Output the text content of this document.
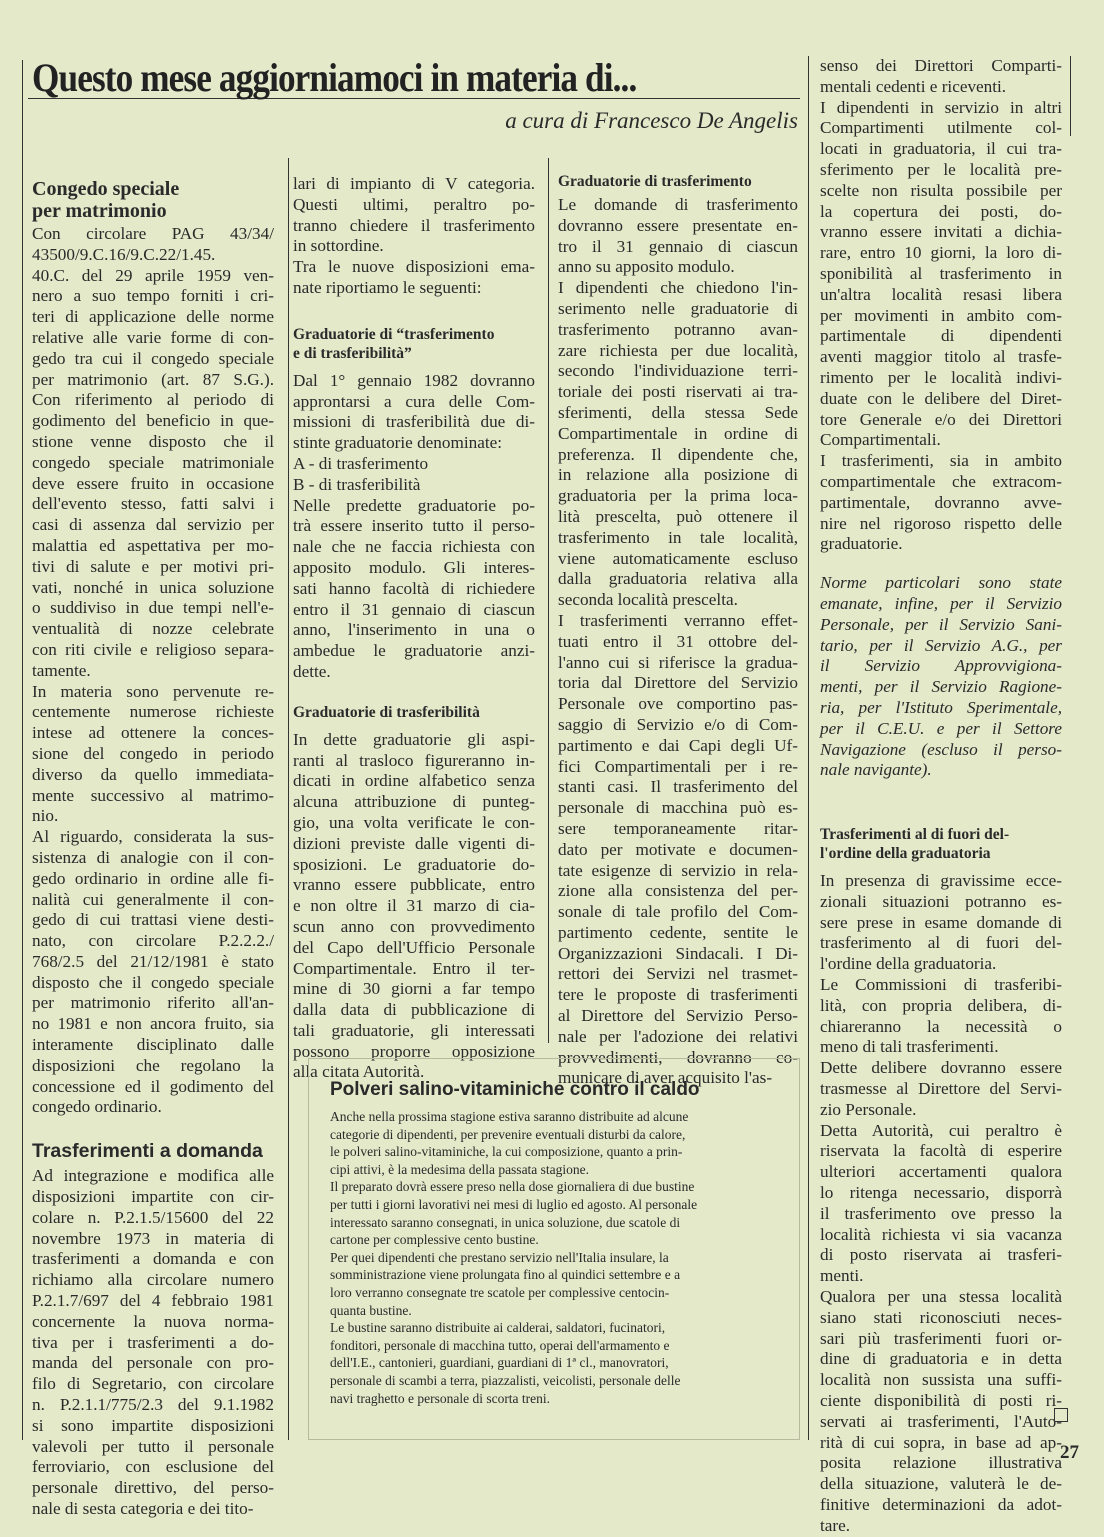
Questo mese aggiorniamoci in materia di...
a cura di Francesco De Angelis
Congedo speciale
per matrimonio

Con circolare PAG 43/34/

43500/9.C.16/9.C.22/1.45.

40.C. del 29 aprile 1959 ven-

nero a suo tempo forniti i cri-

teri di applicazione delle norme

relative alle varie forme di con-

gedo tra cui il congedo speciale

per matrimonio (art. 87 S.G.).

Con riferimento al periodo di

godimento del beneficio in que-

stione venne disposto che il

congedo speciale matrimoniale

deve essere fruito in occasione

dell'evento stesso, fatti salvi i

casi di assenza dal servizio per

malattia ed aspettativa per mo-

tivi di salute e per motivi pri-

vati, nonché in unica soluzione

o suddiviso in due tempi nell'e-

ventualità di nozze celebrate

con riti civile e religioso separa-

tamente.

In materia sono pervenute re-

centemente numerose richieste

intese ad ottenere la conces-

sione del congedo in periodo

diverso da quello immediata-

mente successivo al matrimo-

nio.

Al riguardo, considerata la sus-

sistenza di analogie con il con-

gedo ordinario in ordine alle fi-

nalità cui generalmente il con-

gedo di cui trattasi viene desti-

nato, con circolare P.2.2.2./

768/2.5 del 21/12/1981 è stato

disposto che il congedo speciale

per matrimonio riferito all'an-

no 1981 e non ancora fruito, sia

interamente disciplinato dalle

disposizioni che regolano la

concessione ed il godimento del

congedo ordinario.

Trasferimenti a domanda

Ad integrazione e modifica alle

disposizioni impartite con cir-

colare n. P.2.1.5/15600 del 22

novembre 1973 in materia di

trasferimenti a domanda e con

richiamo alla circolare numero

P.2.1.7/697 del 4 febbraio 1981

concernente la nuova norma-

tiva per i trasferimenti a do-

manda del personale con pro-

filo di Segretario, con circolare

n. P.2.1.1/775/2.3 del 9.1.1982

si sono impartite disposizioni

valevoli per tutto il personale

ferroviario, con esclusione del

personale direttivo, del perso-

nale di sesta categoria e dei tito-

lari di impianto di V categoria.

Questi ultimi, peraltro po-

tranno chiedere il trasferimento

in sottordine.

Tra le nuove disposizioni ema-

nate riportiamo le seguenti:

Graduatorie di “trasferimento
e di trasferibilità”

Dal 1° gennaio 1982 dovranno

approntarsi a cura delle Com-

missioni di trasferibilità due di-

stinte graduatorie denominate:

A - di trasferimento

B - di trasferibilità

Nelle predette graduatorie po-

trà essere inserito tutto il perso-

nale che ne faccia richiesta con

apposito modulo. Gli interes-

sati hanno facoltà di richiedere

entro il 31 gennaio di ciascun

anno, l'inserimento in una o

ambedue le graduatorie anzi-

dette.

Graduatorie di trasferibilità

In dette graduatorie gli aspi-

ranti al trasloco figureranno in-

dicati in ordine alfabetico senza

alcuna attribuzione di punteg-

gio, una volta verificate le con-

dizioni previste dalle vigenti di-

sposizioni. Le graduatorie do-

vranno essere pubblicate, entro

e non oltre il 31 marzo di cia-

scun anno con provvedimento

del Capo dell'Ufficio Personale

Compartimentale. Entro il ter-

mine di 30 giorni a far tempo

dalla data di pubblicazione di

tali graduatorie, gli interessati

possono proporre opposizione

alla citata Autorità.

Graduatorie di trasferimento

Le domande di trasferimento

dovranno essere presentate en-

tro il 31 gennaio di ciascun

anno su apposito modulo.

I dipendenti che chiedono l'in-

serimento nelle graduatorie di

trasferimento potranno avan-

zare richiesta per due località,

secondo l'individuazione terri-

toriale dei posti riservati ai tra-

sferimenti, della stessa Sede

Compartimentale in ordine di

preferenza. Il dipendente che,

in relazione alla posizione di

graduatoria per la prima loca-

lità prescelta, può ottenere il

trasferimento in tale località,

viene automaticamente escluso

dalla graduatoria relativa alla

seconda località prescelta.

I trasferimenti verranno effet-

tuati entro il 31 ottobre del-

l'anno cui si riferisce la gradua-

toria dal Direttore del Servizio

Personale ove comportino pas-

saggio di Servizio e/o di Com-

partimento e dai Capi degli Uf-

fici Compartimentali per i re-

stanti casi. Il trasferimento del

personale di macchina può es-

sere temporaneamente ritar-

dato per motivate e documen-

tate esigenze di servizio in rela-

zione alla consistenza del per-

sonale di tale profilo del Com-

partimento cedente, sentite le

Organizzazioni Sindacali. I Di-

rettori dei Servizi nel trasmet-

tere le proposte di trasferimenti

al Direttore del Servizio Perso-

nale per l'adozione dei relativi

provvedimenti, dovranno co-

municare di aver acquisito l'as-

senso dei Direttori Comparti-

mentali cedenti e riceventi.

I dipendenti in servizio in altri

Compartimenti utilmente col-

locati in graduatoria, il cui tra-

sferimento per le località pre-

scelte non risulta possibile per

la copertura dei posti, do-

vranno essere invitati a dichia-

rare, entro 10 giorni, la loro di-

sponibilità al trasferimento in

un'altra località resasi libera

per movimenti in ambito com-

partimentale di dipendenti

aventi maggior titolo al trasfe-

rimento per le località indivi-

duate con le delibere del Diret-

tore Generale e/o dei Direttori

Compartimentali.

I trasferimenti, sia in ambito

compartimentale che extracom-

partimentale, dovranno avve-

nire nel rigoroso rispetto delle

graduatorie.

Norme particolari sono state

emanate, infine, per il Servizio

Personale, per il Servizio Sani-

tario, per il Servizio A.G., per

il Servizio Approvvigiona-

menti, per il Servizio Ragione-

ria, per l'Istituto Sperimentale,

per il C.E.U. e per il Settore

Navigazione (escluso il perso-

nale navigante).

Trasferimenti al di fuori del-
l'ordine della graduatoria

In presenza di gravissime ecce-

zionali situazioni potranno es-

sere prese in esame domande di

trasferimento al di fuori del-

l'ordine della graduatoria.

Le Commissioni di trasferibi-

lità, con propria delibera, di-

chiareranno la necessità o

meno di tali trasferimenti.

Dette delibere dovranno essere

trasmesse al Direttore del Servi-

zio Personale.

Detta Autorità, cui peraltro è

riservata la facoltà di esperire

ulteriori accertamenti qualora

lo ritenga necessario, disporrà

il trasferimento ove presso la

località richiesta vi sia vacanza

di posto riservata ai trasferi-

menti.

Qualora per una stessa località

siano stati riconosciuti neces-

sari più trasferimenti fuori or-

dine di graduatoria e in detta

località non sussista una suffi-

ciente disponibilità di posti ri-

servati ai trasferimenti, l'Auto-

rità di cui sopra, in base ad ap-

posita relazione illustrativa

della situazione, valuterà le de-

finitive determinazioni da adot-

tare.

Polveri salino-vitaminiche contro il caldo

Anche nella prossima stagione estiva saranno distribuite ad alcune

categorie di dipendenti, per prevenire eventuali disturbi da calore,

le polveri salino-vitaminiche, la cui composizione, quanto a prin-

cipi attivi, è la medesima della passata stagione.

Il preparato dovrà essere preso nella dose giornaliera di due bustine

per tutti i giorni lavorativi nei mesi di luglio ed agosto. Al personale

interessato saranno consegnati, in unica soluzione, due scatole di

cartone per complessive cento bustine.

Per quei dipendenti che prestano servizio nell'Italia insulare, la

somministrazione viene prolungata fino al quindici settembre e a

loro verranno consegnate tre scatole per complessive centocin-

quanta bustine.

Le bustine saranno distribuite ai calderai, saldatori, fucinatori,

fonditori, personale di macchina tutto, operai dell'armamento e

dell'I.E., cantonieri, guardiani, guardiani di 1ª cl., manovratori,

personale di scambi a terra, piazzalisti, veicolisti, personale delle

navi traghetto e personale di scorta treni.

27
